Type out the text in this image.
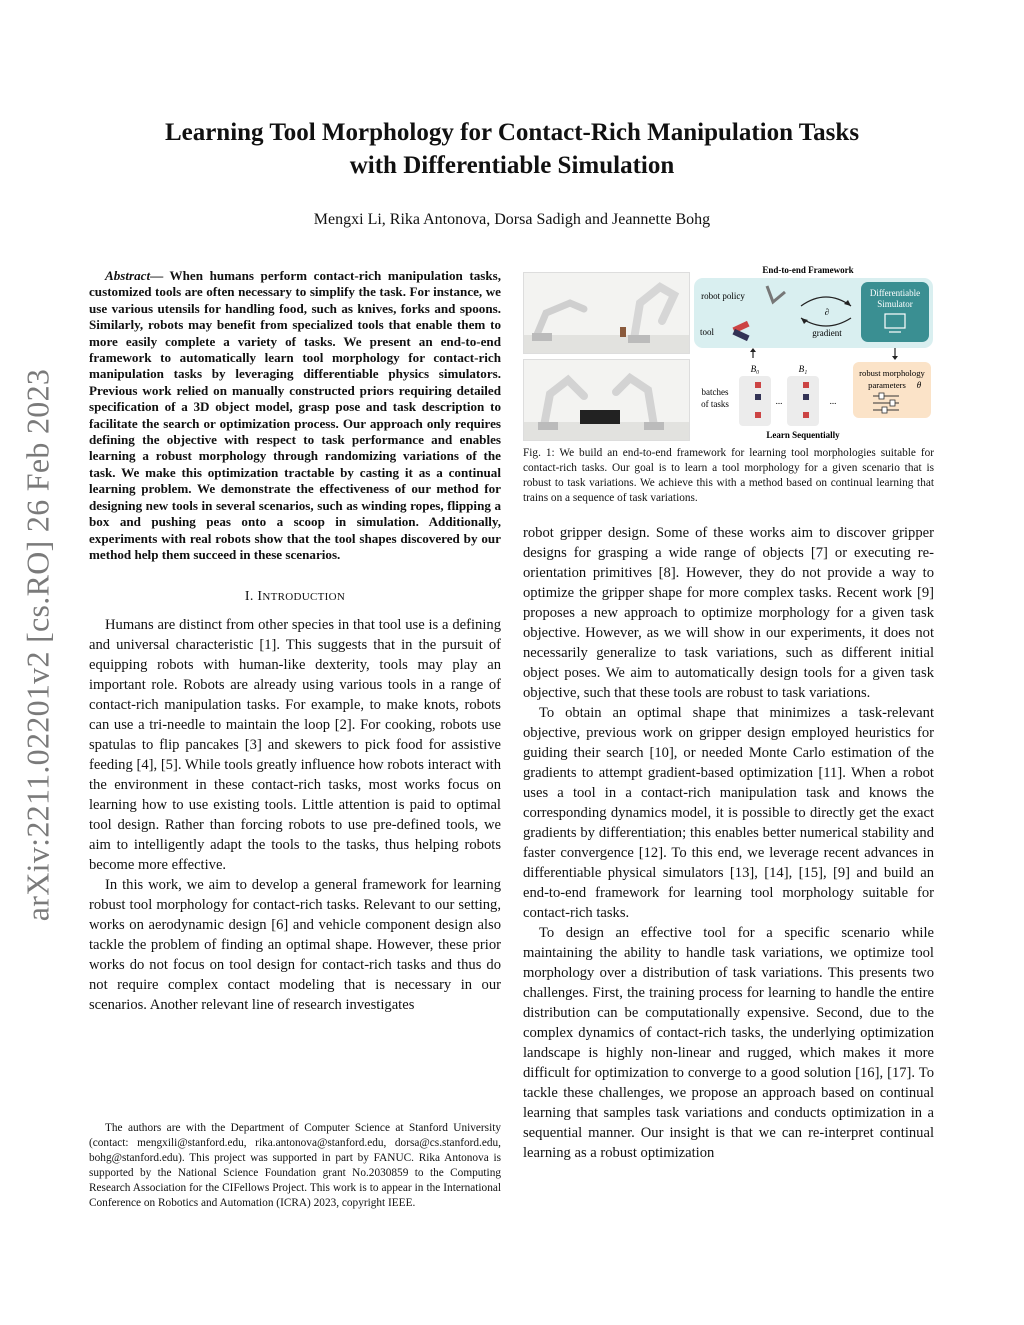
arXiv:2211.02201v2 [cs.RO] 26 Feb 2023
Learning Tool Morphology for Contact-Rich Manipulation Tasks
with Differentiable Simulation
Mengxi Li, Rika Antonova, Dorsa Sadigh and Jeannette Bohg

Abstract— When humans perform contact-rich manipulation tasks, customized tools are often necessary to simplify the task. For instance, we use various utensils for handling food, such as knives, forks and spoons. Similarly, robots may benefit from specialized tools that enable them to more easily complete a variety of tasks. We present an end-to-end framework to automatically learn tool morphology for contact-rich manipulation tasks by leveraging differentiable physics simulators. Previous work relied on manually constructed priors requiring detailed specification of a 3D object model, grasp pose and task description to facilitate the search or optimization process. Our approach only requires defining the objective with respect to task performance and enables learning a robust morphology through randomizing variations of the task. We make this optimization tractable by casting it as a continual learning problem. We demonstrate the effectiveness of our method for designing new tools in several scenarios, such as winding ropes, flipping a box and pushing peas onto a scoop in simulation. Additionally, experiments with real robots show that the tool shapes discovered by our method help them succeed in these scenarios.

I. INTRODUCTION

Humans are distinct from other species in that tool use is a defining and universal characteristic [1]. This suggests that in the pursuit of equipping robots with human-like dexterity, tools may play an important role. Robots are already using various tools in a range of contact-rich manipulation tasks. For example, to make knots, robots can use a tri-needle to maintain the loop [2]. For cooking, robots use spatulas to flip pancakes [3] and skewers to pick food for assistive feeding [4], [5]. While tools greatly influence how robots interact with the environment in these contact-rich tasks, most works focus on learning how to use existing tools. Little attention is paid to optimal tool design. Rather than forcing robots to use pre-defined tools, we aim to intelligently adapt the tools to the tasks, thus helping robots become more effective.

In this work, we aim to develop a general framework for learning robust tool morphology for contact-rich tasks. Relevant to our setting, works on aerodynamic design [6] and vehicle component design also tackle the problem of finding an optimal shape. However, these prior works do not focus on tool design for contact-rich tasks and thus do not require complex contact modeling that is necessary in our scenarios. Another relevant line of research investigates

The authors are with the Department of Computer Science at Stanford University (contact: mengxili@stanford.edu, rika.antonova@stanford.edu, dorsa@cs.stanford.edu, bohg@stanford.edu). This project was supported in part by FANUC. Rika Antonova is supported by the National Science Foundation grant No.2030859 to the Computing Research Association for the CIFellows Project. This work is to appear in the International Conference on Robotics and Automation (ICRA) 2023, copyright IEEE.

End-to-end Framework
robot policy
tool
∂
gradient
Differentiable
Simulator
batches
of tasks
B₀	B₁
...	...
robust morphology
parameters θ
Learn Sequentially

Fig. 1: We build an end-to-end framework for learning tool morphologies suitable for contact-rich tasks. Our goal is to learn a tool morphology for a given scenario that is robust to task variations. We achieve this with a method based on continual learning that trains on a sequence of task variations.

robot gripper design. Some of these works aim to discover gripper designs for grasping a wide range of objects [7] or executing re-orientation primitives [8]. However, they do not provide a way to optimize the gripper shape for more complex tasks. Recent work [9] proposes a new approach to optimize morphology for a given task objective. However, as we will show in our experiments, it does not necessarily generalize to task variations, such as different initial object poses. We aim to automatically design tools for a given task objective, such that these tools are robust to task variations.

To obtain an optimal shape that minimizes a task-relevant objective, previous work on gripper design employed heuristics for guiding their search [10], or needed Monte Carlo estimation of the gradients to attempt gradient-based optimization [11]. When a robot uses a tool in a contact-rich manipulation task and knows the corresponding dynamics model, it is possible to directly get the exact gradients by differentiation; this enables better numerical stability and faster convergence [12]. To this end, we leverage recent advances in differentiable physical simulators [13], [14], [15], [9] and build an end-to-end framework for learning tool morphology suitable for contact-rich tasks.

To design an effective tool for a specific scenario while maintaining the ability to handle task variations, we optimize tool morphology over a distribution of task variations. This presents two challenges. First, the training process for learning to handle the entire distribution can be computationally expensive. Second, due to the complex dynamics of contact-rich tasks, the underlying optimization landscape is highly non-linear and rugged, which makes it more difficult for optimization to converge to a good solution [16], [17]. To tackle these challenges, we propose an approach based on continual learning that samples task variations and conducts optimization in a sequential manner. Our insight is that we can re-interpret continual learning as a robust optimization
